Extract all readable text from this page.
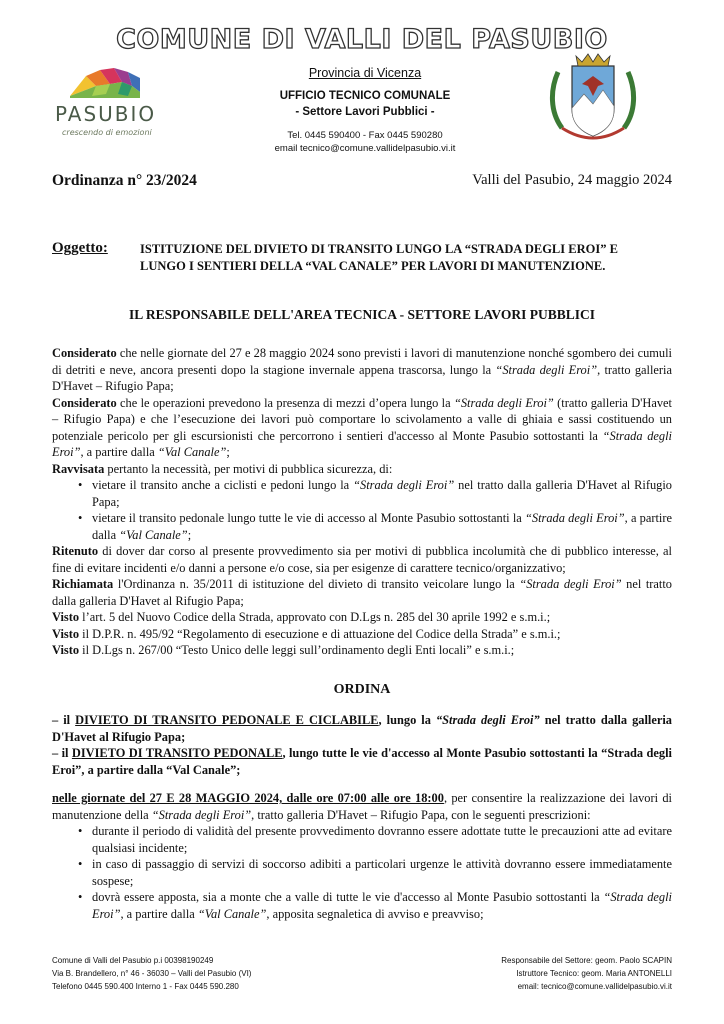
COMUNE DI VALLI DEL PASUBIO
PASUBIO
crescendo di emozioni
Provincia di Vicenza
UFFICIO TECNICO COMUNALE
- Settore Lavori Pubblici -
Tel. 0445 590400 - Fax 0445 590280
email tecnico@comune.vallidelpasubio.vi.it
Ordinanza n° 23/2024	Valli del Pasubio, 24 maggio 2024
Oggetto:	ISTITUZIONE DEL DIVIETO DI TRANSITO LUNGO LA “STRADA DEGLI EROI” E
LUNGO I SENTIERI DELLA “VAL CANALE” PER LAVORI DI MANUTENZIONE.
IL RESPONSABILE DELL'AREA TECNICA - SETTORE LAVORI PUBBLICI
Considerato che nelle giornate del 27 e 28 maggio 2024 sono previsti i lavori di manutenzione nonché sgombero dei cumuli di detriti e neve, ancora presenti dopo la stagione invernale appena trascorsa, lungo la “Strada degli Eroi”, tratto galleria D'Havet – Rifugio Papa;
Considerato che le operazioni prevedono la presenza di mezzi d’opera lungo la “Strada degli Eroi” (tratto galleria D'Havet – Rifugio Papa) e che l’esecuzione dei lavori può comportare lo scivolamento a valle di ghiaia e sassi costituendo un potenziale pericolo per gli escursionisti che percorrono i sentieri d'accesso al Monte Pasubio sottostanti la “Strada degli Eroi”, a partire dalla “Val Canale”;
Ravvisata pertanto la necessità, per motivi di pubblica sicurezza, di:
• vietare il transito anche a ciclisti e pedoni lungo la “Strada degli Eroi” nel tratto dalla galleria D'Havet al Rifugio Papa;
• vietare il transito pedonale lungo tutte le vie di accesso al Monte Pasubio sottostanti la “Strada degli Eroi”, a partire dalla “Val Canale”;
Ritenuto di dover dar corso al presente provvedimento sia per motivi di pubblica incolumità che di pubblico interesse, al fine di evitare incidenti e/o danni a persone e/o cose, sia per esigenze di carattere tecnico/organizzativo;
Richiamata l'Ordinanza n. 35/2011 di istituzione del divieto di transito veicolare lungo la “Strada degli Eroi” nel tratto dalla galleria D'Havet al Rifugio Papa;
Visto l’art. 5 del Nuovo Codice della Strada, approvato con D.Lgs n. 285 del 30 aprile 1992 e s.m.i.;
Visto il D.P.R. n. 495/92 “Regolamento di esecuzione e di attuazione del Codice della Strada” e s.m.i.;
Visto il D.Lgs n. 267/00 “Testo Unico delle leggi sull’ordinamento degli Enti locali” e s.m.i.;
ORDINA
– il DIVIETO DI TRANSITO PEDONALE E CICLABILE, lungo la “Strada degli Eroi” nel tratto dalla galleria D'Havet al Rifugio Papa;
– il DIVIETO DI TRANSITO PEDONALE, lungo tutte le vie d'accesso al Monte Pasubio sottostanti la “Strada degli Eroi”, a partire dalla “Val Canale”;
nelle giornate del 27 E 28 MAGGIO 2024, dalle ore 07:00 alle ore 18:00, per consentire la realizzazione dei lavori di manutenzione della “Strada degli Eroi”, tratto galleria D'Havet – Rifugio Papa, con le seguenti prescrizioni:
• durante il periodo di validità del presente provvedimento dovranno essere adottate tutte le precauzioni atte ad evitare qualsiasi incidente;
• in caso di passaggio di servizi di soccorso adibiti a particolari urgenze le attività dovranno essere immediatamente sospese;
• dovrà essere apposta, sia a monte che a valle di tutte le vie d'accesso al Monte Pasubio sottostanti la “Strada degli Eroi”, a partire dalla “Val Canale”, apposita segnaletica di avviso e preavviso;
Comune di Valli del Pasubio p.i 00398190249
Via B. Brandellero, n° 46 - 36030 – Valli del Pasubio (VI)
Telefono 0445 590.400 Interno 1 - Fax 0445 590.280
Responsabile del Settore: geom. Paolo SCAPIN
Istruttore Tecnico: geom. Maria ANTONELLI
email: tecnico@comune.vallidelpasubio.vi.it
